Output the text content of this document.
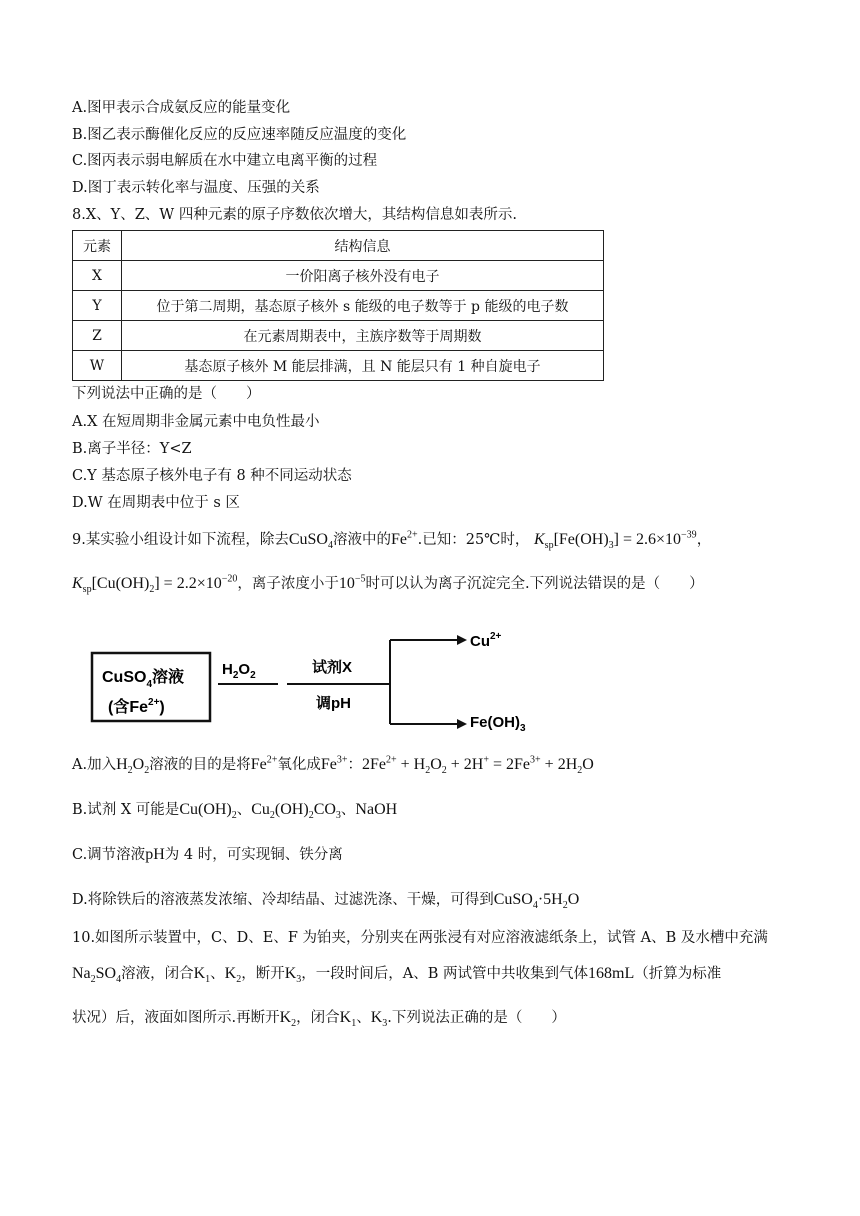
A.图甲表示合成氨反应的能量变化
B.图乙表示酶催化反应的反应速率随反应温度的变化
C.图丙表示弱电解质在水中建立电离平衡的过程
D.图丁表示转化率与温度、压强的关系
8.X、Y、Z、W 四种元素的原子序数依次增大，其结构信息如表所示.
元素	结构信息
X	一价阳离子核外没有电子
Y	位于第二周期，基态原子核外 s 能级的电子数等于 p 能级的电子数
Z	在元素周期表中，主族序数等于周期数
W	基态原子核外 M 能层排满，且 N 能层只有 1 种自旋电子
下列说法中正确的是（　　）
A.X 在短周期非金属元素中电负性最小
B.离子半径：Y<Z
C.Y 基态原子核外电子有 8 种不同运动状态
D.W 在周期表中位于 s 区
9.某实验小组设计如下流程，除去CuSO$_4$溶液中的$Fe^{2+}$.已知：25℃时， $K_{sp}[Fe(OH)_3] = 2.6\times 10^{-39}$，
$K_{sp}[Cu(OH)_2] = 2.2\times 10^{-20}$，离子浓度小于$10^{-5}$时可以认为离子沉淀完全.下列说法错误的是（　　）
CuSO$_4$溶液
(含$Fe^{2+}$)
$H_2O_2$	试剂X
调pH
$Cu^{2+}$
$Fe(OH)_3$
A.加入$H_2O_2$溶液的目的是将$Fe^{2+}$氧化成$Fe^{3+}$：$2Fe^{2+} + H_2O_2 + 2H^+ = 2Fe^{3+} + 2H_2O$
B.试剂 X 可能是$Cu(OH)_2$、$Cu_2(OH)_2CO_3$、NaOH
C.调节溶液pH为 4 时，可实现铜、铁分离
D.将除铁后的溶液蒸发浓缩、冷却结晶、过滤洗涤、干燥，可得到$CuSO_4\cdot 5H_2O$
10.如图所示装置中，C、D、E、F 为铂夹，分别夹在两张浸有对应溶液滤纸条上，试管 A、B 及水槽中充满
$Na_2SO_4$溶液，闭合$K_1$、$K_2$，断开$K_3$，一段时间后，A、B 两试管中共收集到气体168mL（折算为标准
状况）后，液面如图所示.再断开$K_2$，闭合$K_1$、$K_3$.下列说法正确的是（　　）
